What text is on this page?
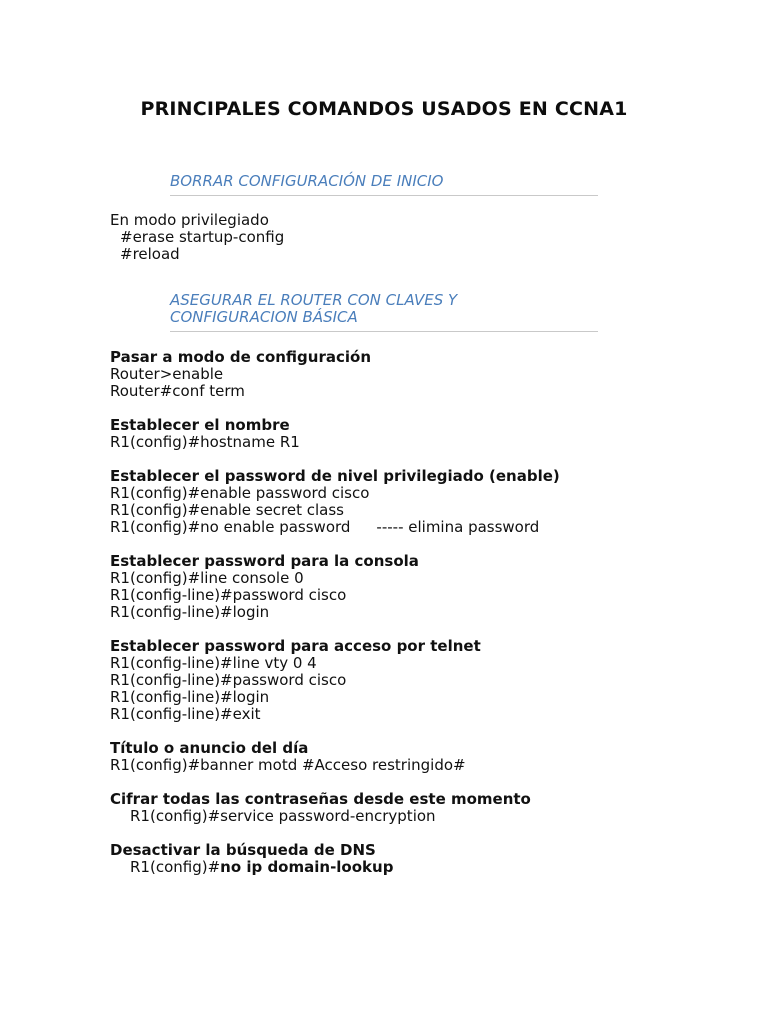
PRINCIPALES COMANDOS USADOS EN CCNA1
BORRAR CONFIGURACIÓN DE INICIO
En modo privilegiado
#erase startup-config
#reload
ASEGURAR EL ROUTER CON CLAVES Y
CONFIGURACION BÁSICA
Pasar a modo de configuración
Router>enable
Router#conf term
Establecer el nombre
R1(config)#hostname R1
Establecer el password de nivel privilegiado (enable)
R1(config)#enable password cisco
R1(config)#enable secret class
R1(config)#no enable password ----- elimina password
Establecer password para la consola
R1(config)#line console 0
R1(config-line)#password cisco
R1(config-line)#login
Establecer password para acceso por telnet
R1(config-line)#line vty 0 4
R1(config-line)#password cisco
R1(config-line)#login
R1(config-line)#exit
Título o anuncio del día
R1(config)#banner motd #Acceso restringido#
Cifrar todas las contraseñas desde este momento
R1(config)#service password-encryption
Desactivar la búsqueda de DNS
R1(config)#no ip domain-lookup
